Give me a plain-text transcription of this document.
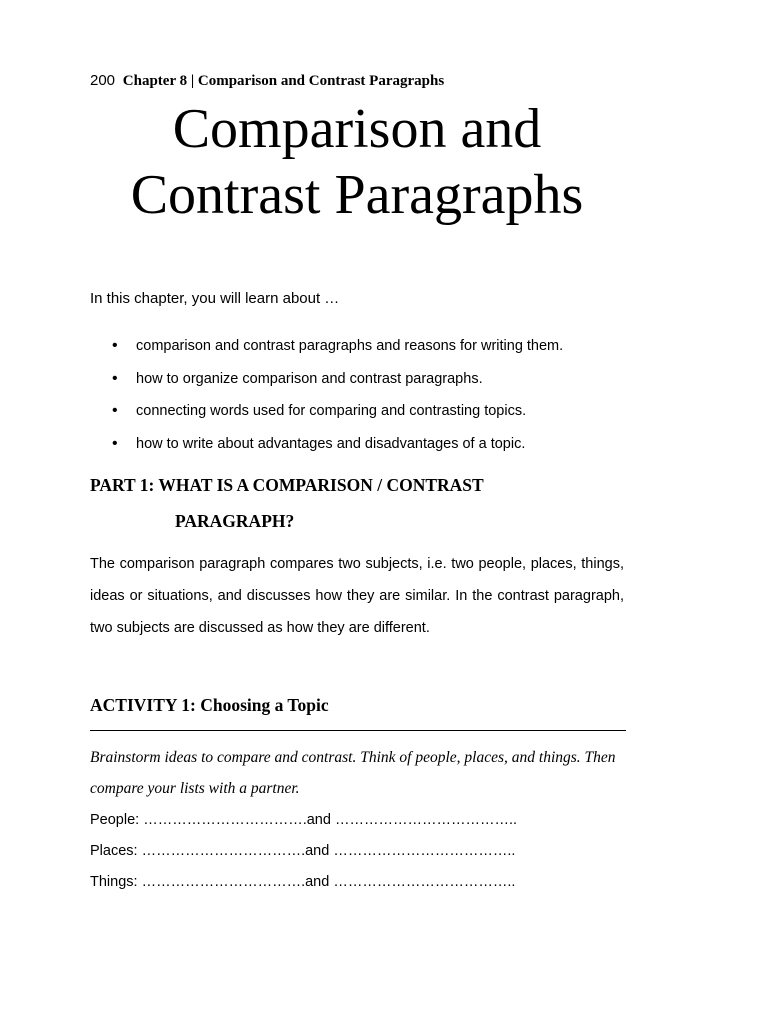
200 Chapter 8 | Comparison and Contrast Paragraphs
Comparison and
Contrast Paragraphs
In this chapter, you will learn about …
• comparison and contrast paragraphs and reasons for writing them.
• how to organize comparison and contrast paragraphs.
• connecting words used for comparing and contrasting topics.
• how to write about advantages and disadvantages of a topic.
PART 1: WHAT IS A COMPARISON / CONTRAST
PARAGRAPH?

The comparison paragraph compares two subjects, i.e. two people, places, things, ideas or situations, and discusses how they are similar. In the contrast paragraph, two subjects are discussed as how they are different.

ACTIVITY 1: Choosing a Topic

Brainstorm ideas to compare and contrast. Think of people, places, and things. Then compare your lists with a partner.

People: …………………………….and ………………………………..
Places: …………………………….and ………………………………..
Things: …………………………….and ………………………………..
